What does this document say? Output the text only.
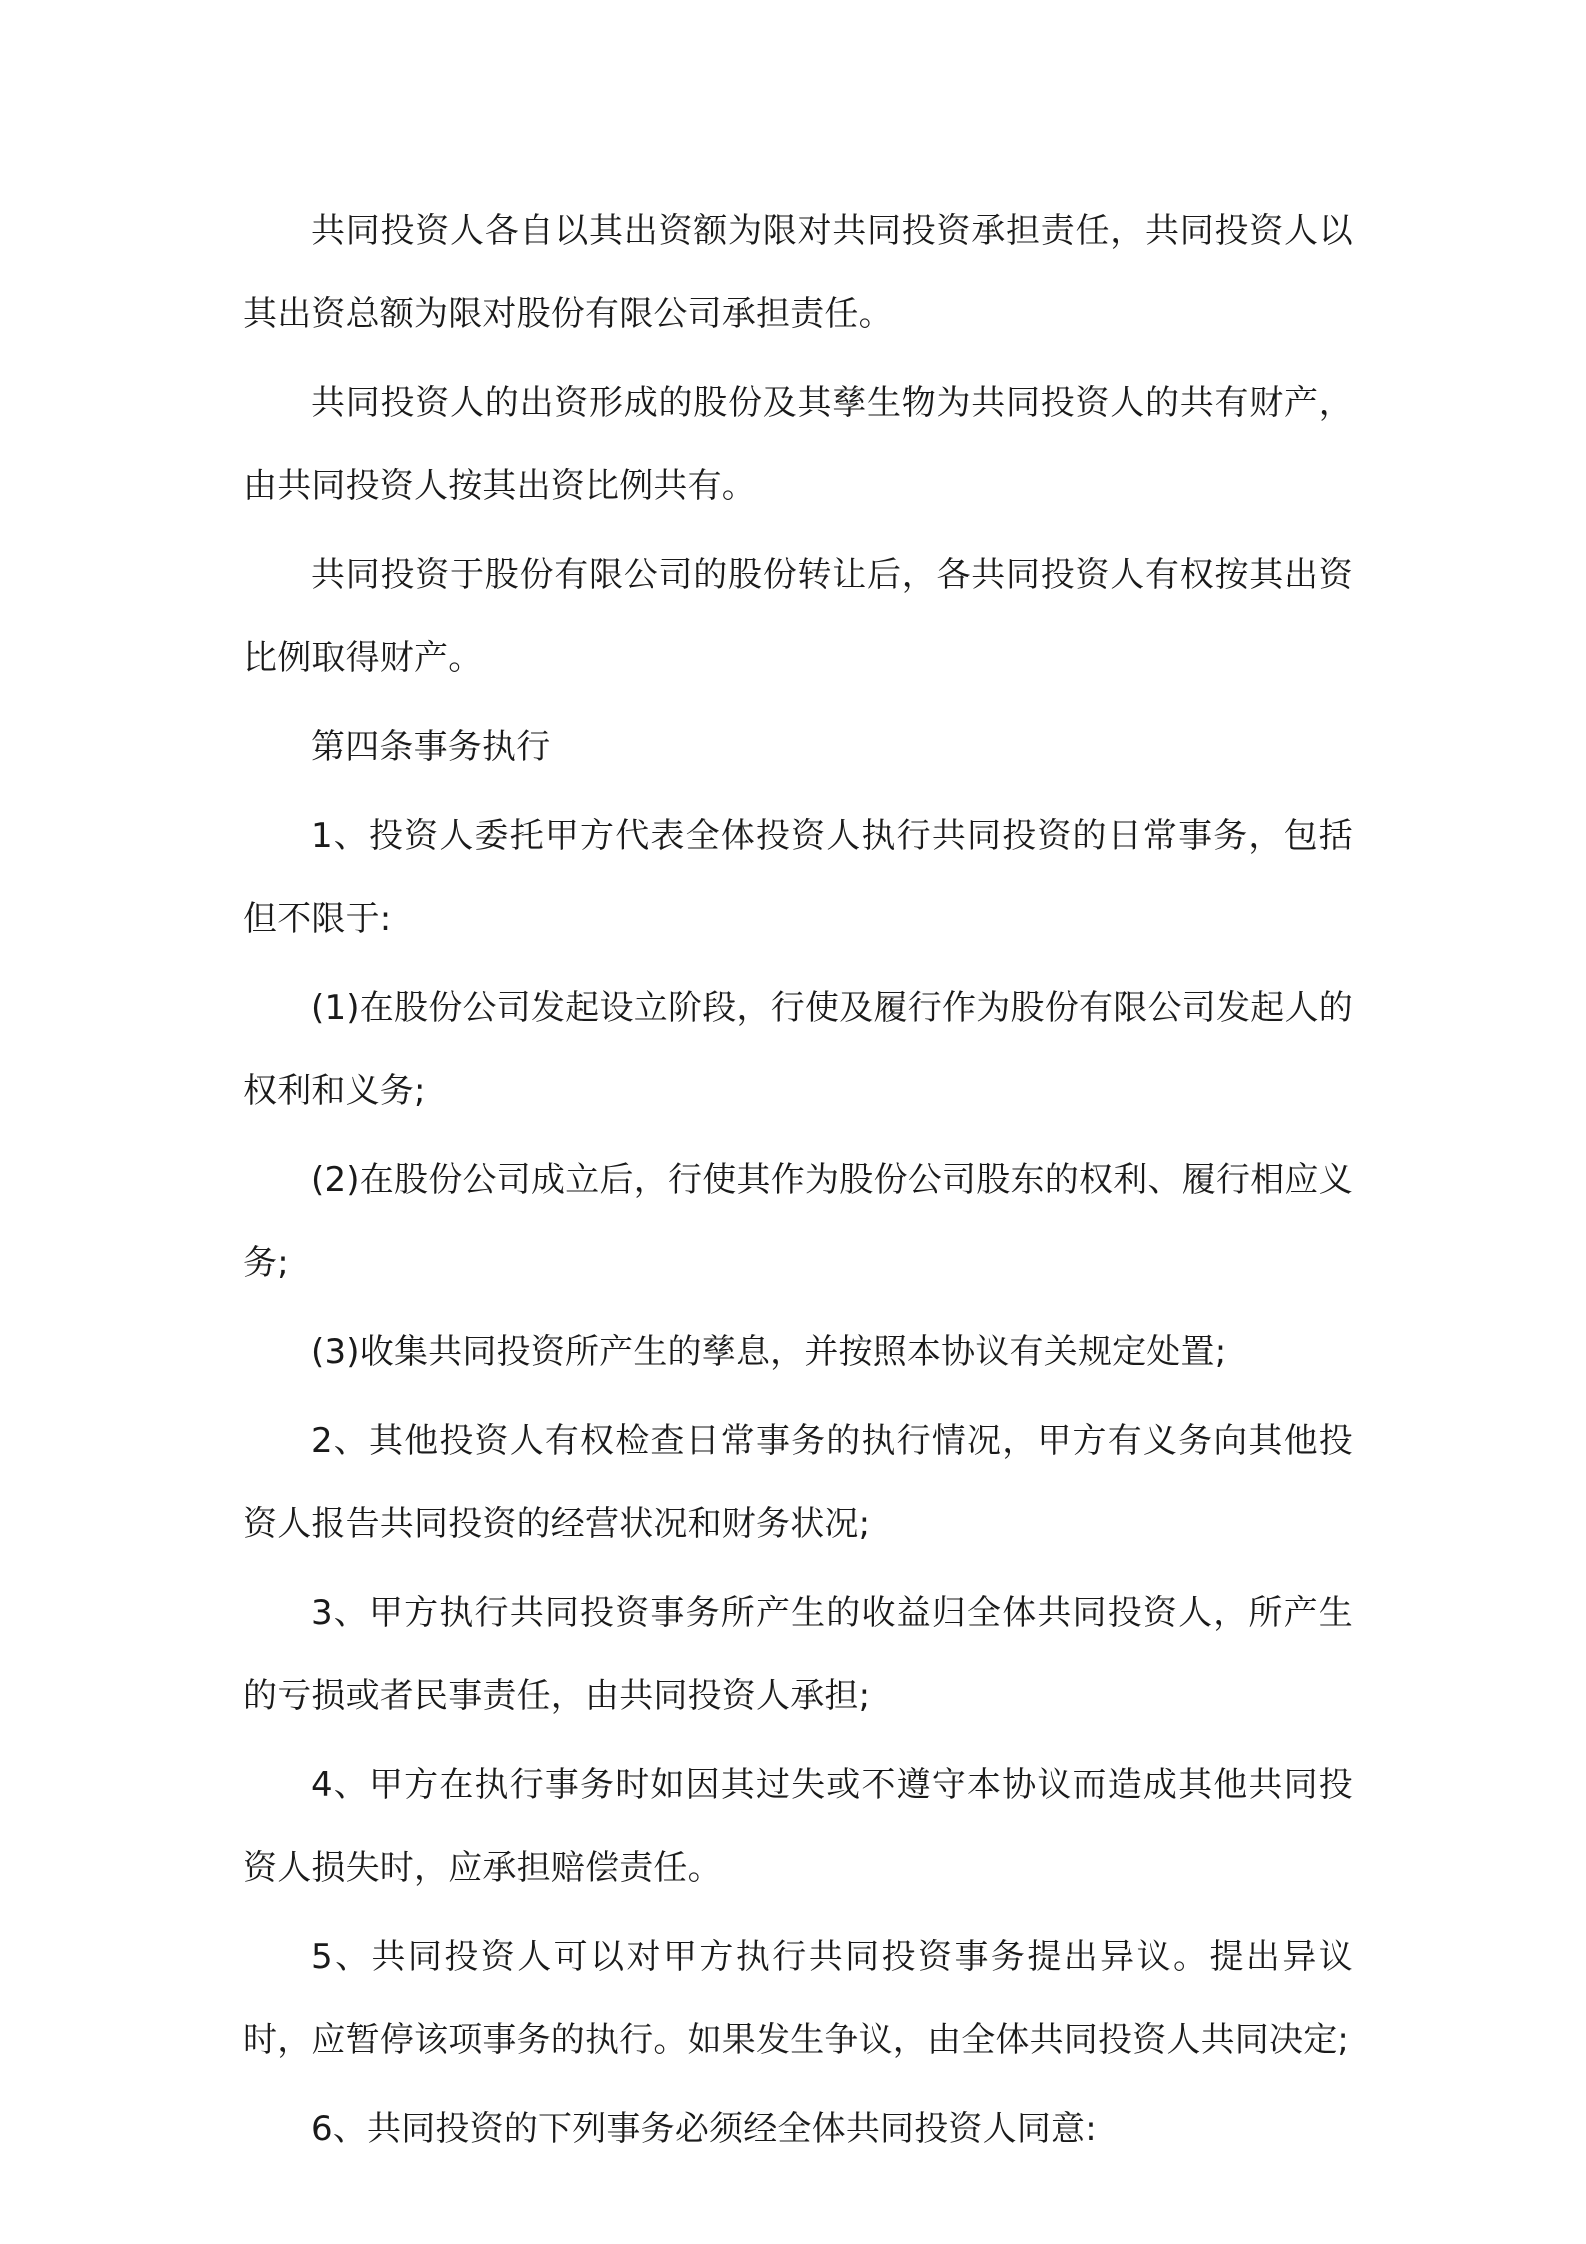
共同投资人各自以其出资额为限对共同投资承担责任，共同投资人以其出资总额为限对股份有限公司承担责任。

共同投资人的出资形成的股份及其孳生物为共同投资人的共有财产，由共同投资人按其出资比例共有。

共同投资于股份有限公司的股份转让后，各共同投资人有权按其出资比例取得财产。

第四条事务执行

1、投资人委托甲方代表全体投资人执行共同投资的日常事务，包括但不限于:

(1)在股份公司发起设立阶段，行使及履行作为股份有限公司发起人的权利和义务;

(2)在股份公司成立后，行使其作为股份公司股东的权利、履行相应义务;

(3)收集共同投资所产生的孳息，并按照本协议有关规定处置;

2、其他投资人有权检查日常事务的执行情况，甲方有义务向其他投资人报告共同投资的经营状况和财务状况;

3、甲方执行共同投资事务所产生的收益归全体共同投资人，所产生的亏损或者民事责任，由共同投资人承担;

4、甲方在执行事务时如因其过失或不遵守本协议而造成其他共同投资人损失时，应承担赔偿责任。

5、共同投资人可以对甲方执行共同投资事务提出异议。提出异议时，应暂停该项事务的执行。如果发生争议，由全体共同投资人共同决定;

6、共同投资的下列事务必须经全体共同投资人同意:
